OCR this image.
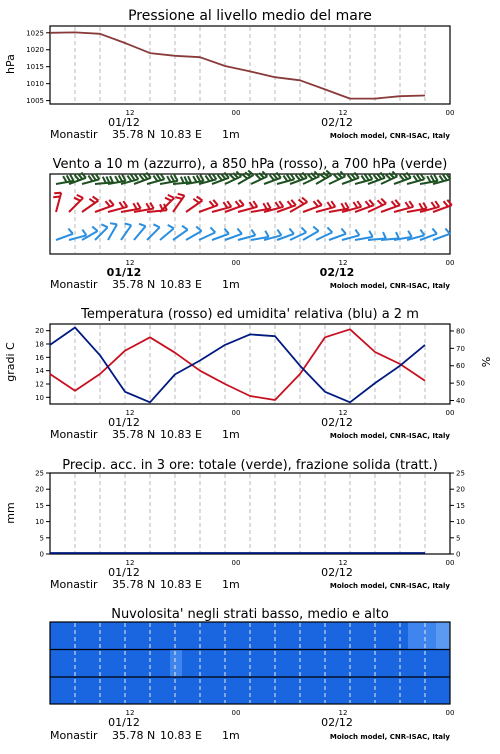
Pressione al livello medio del mare
hPa
1005
1010
1015
1020
1025
12	00	12	00
01/12	02/12
Monastir 35.78 N 10.83 E 1m	Moloch model, CNR-ISAC, Italy
Vento a 10 m (azzurro), a 850 hPa (rosso), a 700 hPa (verde)
12	00	12	00
01/12	02/12
Monastir 35.78 N 10.83 E 1m	Moloch model, CNR-ISAC, Italy
Temperatura (rosso) ed umidita' relativa (blu) a 2 m
gradi C	%
10
12
14
16
18
20
40
50
60
70
80
12	00	12	00
01/12	02/12
Monastir 35.78 N 10.83 E 1m	Moloch model, CNR-ISAC, Italy
Precip. acc. in 3 ore: totale (verde), frazione solida (tratt.)
mm
0
5
10
15
20
25
0
5
10
15
20
25
12	00	12	00
01/12	02/12
Monastir 35.78 N 10.83 E 1m	Moloch model, CNR-ISAC, Italy
Nuvolosita' negli strati basso, medio e alto
12	00	12	00
01/12	02/12
Monastir 35.78 N 10.83 E 1m	Moloch model, CNR-ISAC, Italy
